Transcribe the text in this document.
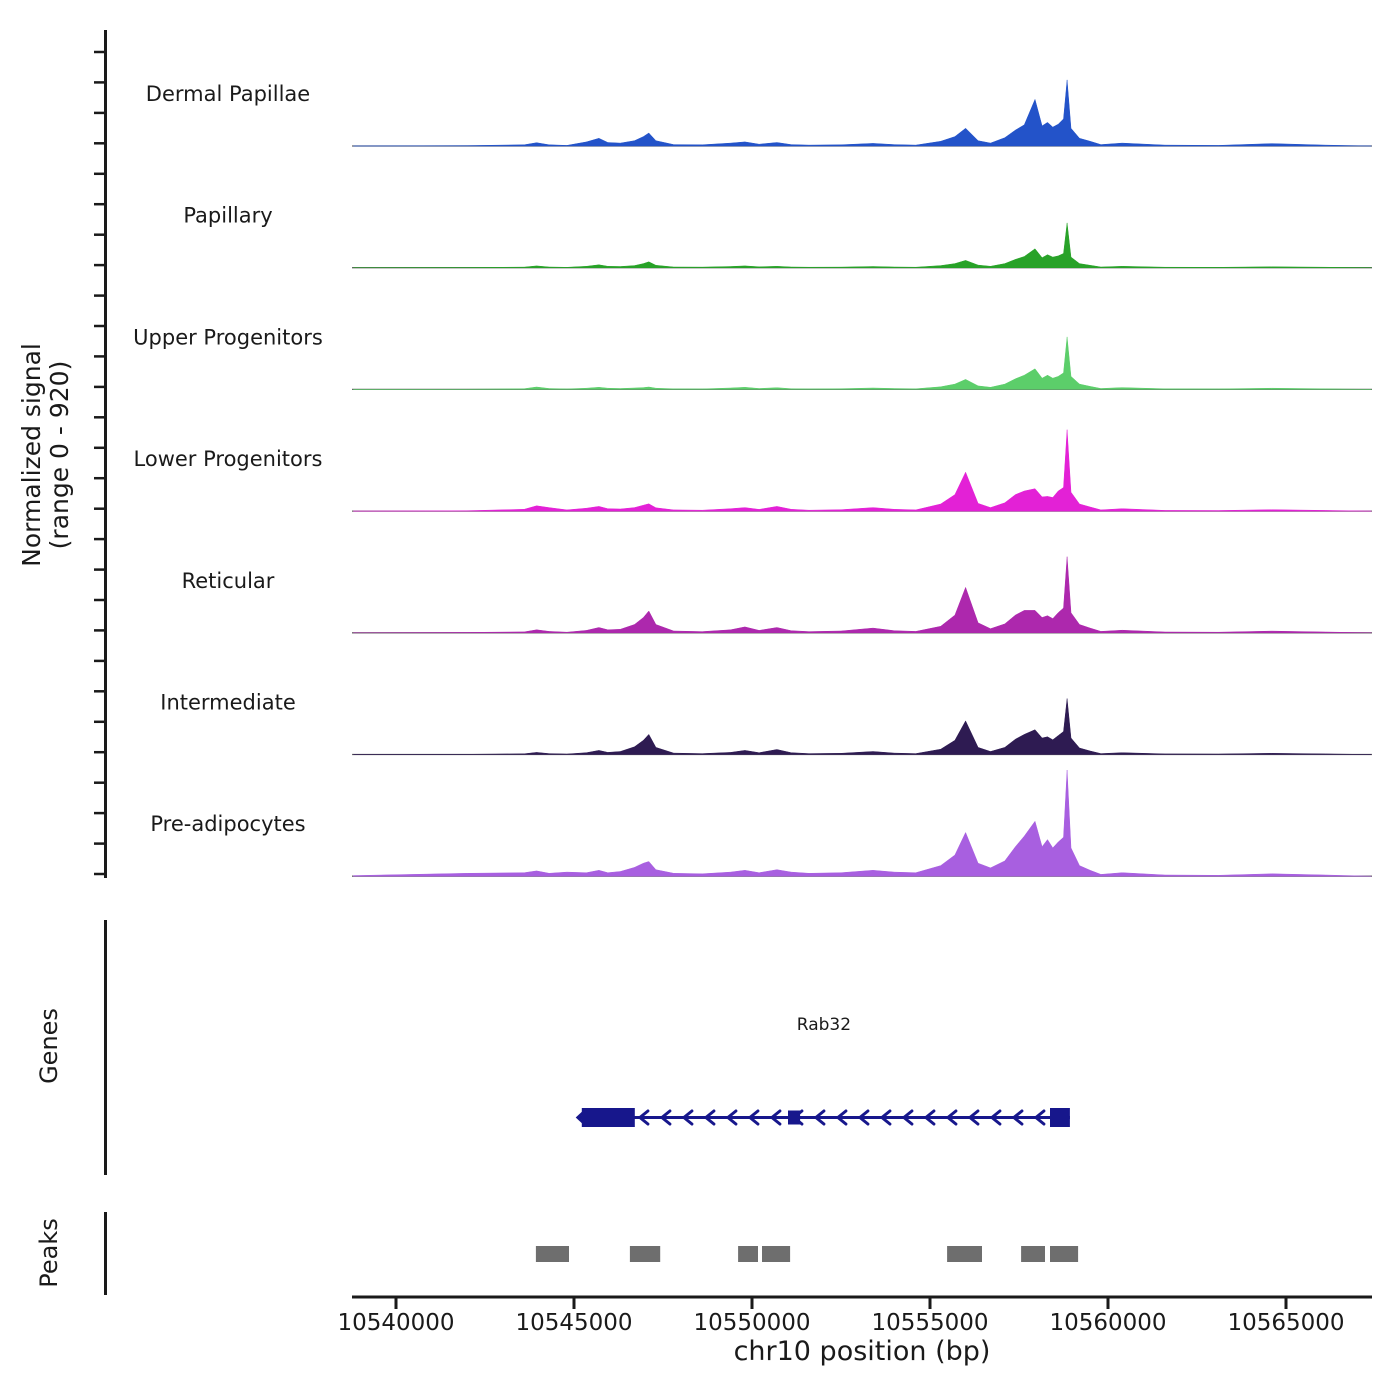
Dermal Papillae
Papillary
Upper Progenitors
Lower Progenitors
Reticular
Intermediate
Pre-adipocytes
Normalized signal (range 0 - 920)
Genes	Rab32
Peaks
10540000	10545000	10550000	10555000	10560000	10565000
chr10 position (bp)
